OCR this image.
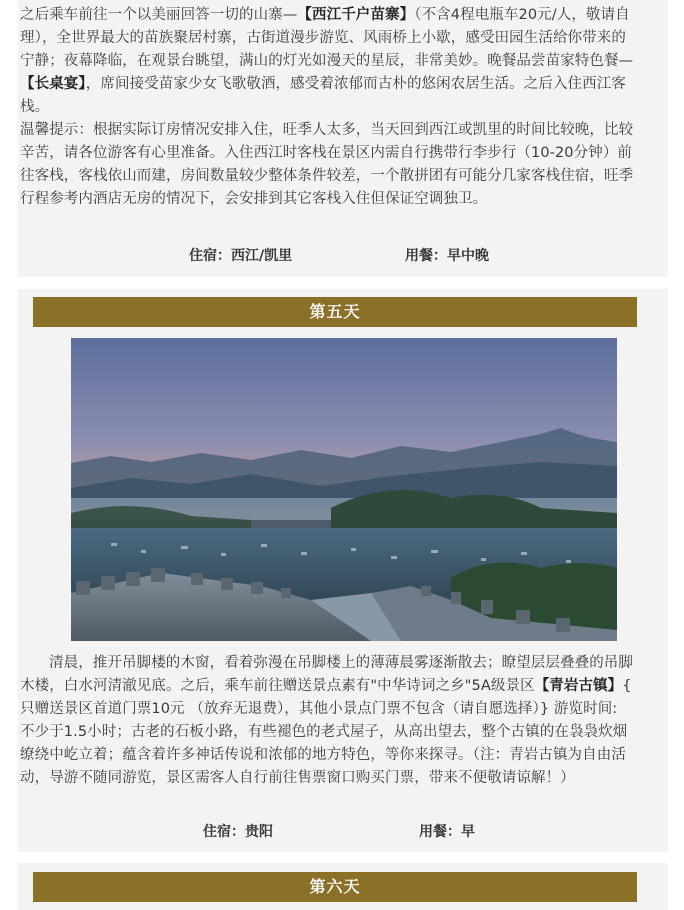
之后乘车前往一个以美丽回答一切的山寨—【西江千户苗寨】（不含4程电瓶车20元/人，敬请自

理），全世界最大的苗族聚居村寨，古街道漫步游览、风雨桥上小歇，感受田园生活给你带来的

宁静；夜幕降临，在观景台眺望，满山的灯光如漫天的星辰，非常美妙。晚餐品尝苗家特色餐—

【长桌宴】，席间接受苗家少女飞歌敬酒，感受着浓郁而古朴的悠闲农居生活。之后入住西江客

栈。

温馨提示：根据实际订房情况安排入住，旺季人太多，当天回到西江或凯里的时间比较晚，比较

辛苦，请各位游客有心里准备。入住西江时客栈在景区内需自行携带行李步行（10-20分钟）前

往客栈，客栈依山而建，房间数量较少整体条件较差，一个散拼团有可能分几家客栈住宿，旺季

行程参考内酒店无房的情况下，会安排到其它客栈入住但保证空调独卫。

住宿：西江/凯里	用餐：早中晚
第五天

清晨，推开吊脚楼的木窗，看着弥漫在吊脚楼上的薄薄晨雾逐渐散去；瞭望层层叠叠的吊脚

木楼，白水河清澈见底。之后，乘车前往赠送景点素有"中华诗词之乡"5A级景区【青岩古镇】{

只赠送景区首道门票10元 （放弃无退费），其他小景点门票不包含（请自愿选择）} 游览时间:

不少于1.5小时；古老的石板小路，有些褪色的老式屋子，从高出望去，整个古镇的在袅袅炊烟

缭绕中屹立着；蕴含着许多神话传说和浓郁的地方特色，等你来探寻。（注：青岩古镇为自由活

动，导游不随同游览，景区需客人自行前往售票窗口购买门票，带来不便敬请谅解！）

住宿：贵阳	用餐：早
第六天
